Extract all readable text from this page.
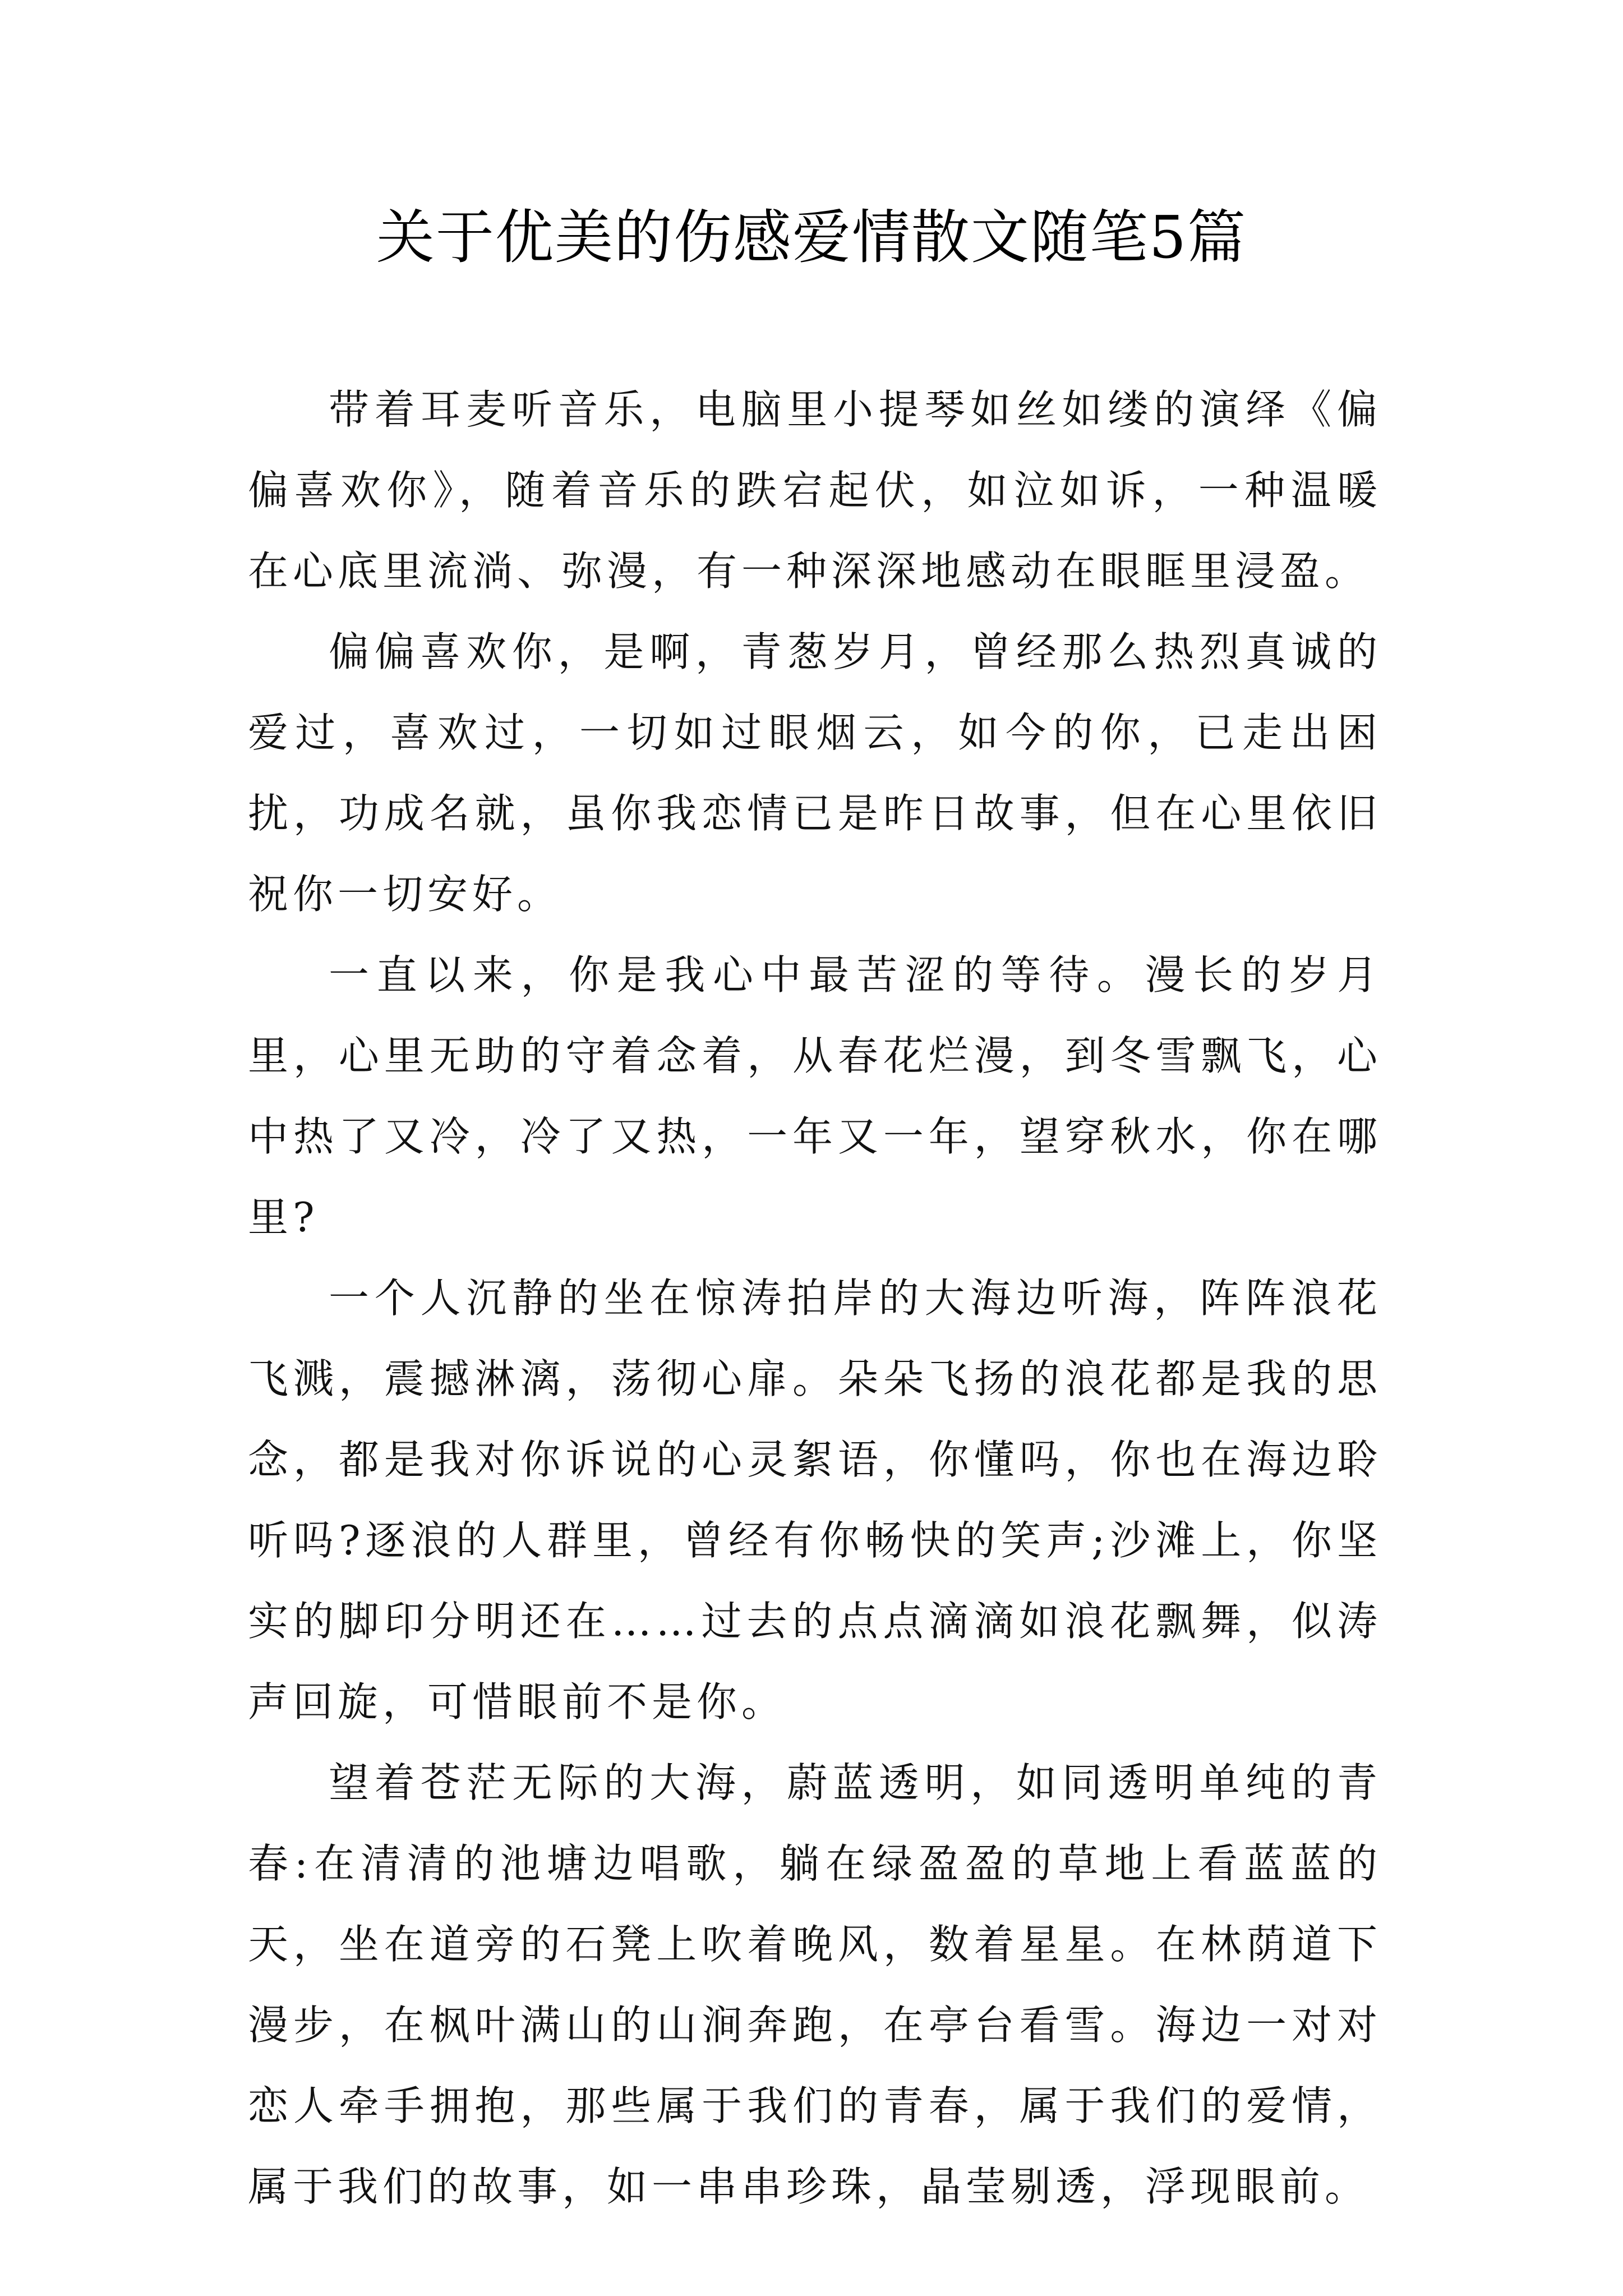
关于优美的伤感爱情散文随笔5篇

带着耳麦听音乐，电脑里小提琴如丝如缕的演绎《偏偏喜欢你》，随着音乐的跌宕起伏，如泣如诉，一种温暖在心底里流淌、弥漫，有一种深深地感动在眼眶里浸盈。

偏偏喜欢你，是啊，青葱岁月，曾经那么热烈真诚的爱过，喜欢过，一切如过眼烟云，如今的你，已走出困扰，功成名就，虽你我恋情已是昨日故事，但在心里依旧祝你一切安好。

一直以来，你是我心中最苦涩的等待。漫长的岁月里，心里无助的守着念着，从春花烂漫，到冬雪飘飞，心中热了又冷，冷了又热，一年又一年，望穿秋水，你在哪里?

一个人沉静的坐在惊涛拍岸的大海边听海，阵阵浪花飞溅，震撼淋漓，荡彻心扉。朵朵飞扬的浪花都是我的思念，都是我对你诉说的心灵絮语，你懂吗，你也在海边聆听吗?逐浪的人群里，曾经有你畅快的笑声;沙滩上，你坚实的脚印分明还在……过去的点点滴滴如浪花飘舞，似涛声回旋，可惜眼前不是你。

望着苍茫无际的大海，蔚蓝透明，如同透明单纯的青春:在清清的池塘边唱歌，躺在绿盈盈的草地上看蓝蓝的天，坐在道旁的石凳上吹着晚风，数着星星。在林荫道下漫步，在枫叶满山的山涧奔跑，在亭台看雪。海边一对对恋人牵手拥抱，那些属于我们的青春，属于我们的爱情，属于我们的故事，如一串串珍珠，晶莹剔透，浮现眼前。
